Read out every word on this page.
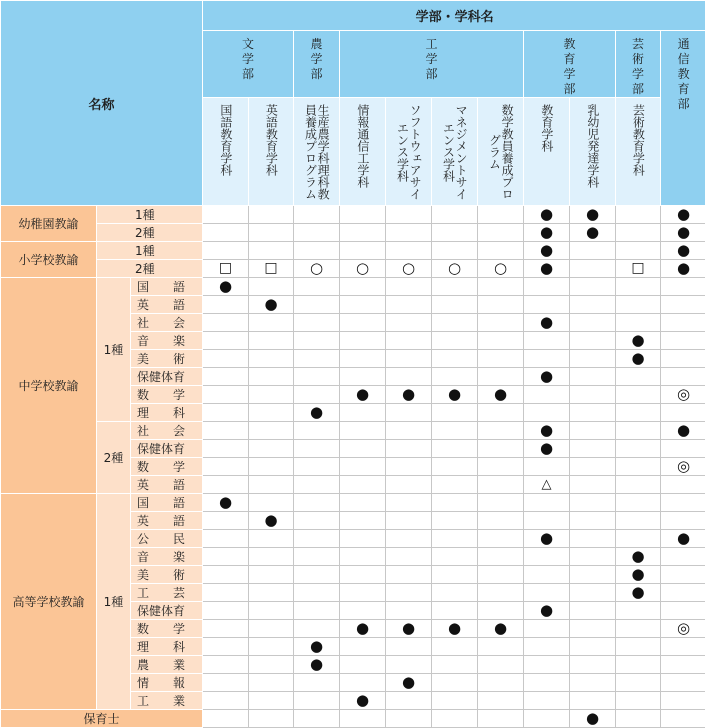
名称			学部・学科名										

			文学部		農学部	工学部				教育学部		芸術学部	通信教育部

			国語教育学科	英語教育学科	生産農学科理科教員養成プログラム	情報通信工学科	ソフトウェアサイエンス学科	マネジメントサイエンス学科	数学教員養成プログラム	教育学科	乳幼児発達学科	芸術教育学科	
幼稚園教諭	1種									●	●		●
	2種									●	●		●
小学校教諭	1種									●			●
	2種		□	□	○	○	○	○	○	●		□	●
中学校教諭	1種	国　　語	●										
		英　　語		●									
		社　　会								●			
		音　　楽										●	
		美　　術										●	
		保健体育								●			
		数　　学				●	●	●	●				◎
		理　　科			●								
	2種	社　　会								●			●
		保健体育								●			
		数　　学											◎
		英　　語								△			
高等学校教諭	1種	国　　語	●										
		英　　語		●									
		公　　民								●			●
		音　　楽										●	
		美　　術										●	
		工　　芸										●	
		保健体育								●			
		数　　学				●	●	●	●				◎
		理　　科			●								
		農　　業			●								
		情　　報					●						
		工　　業				●							
保育士											●		
